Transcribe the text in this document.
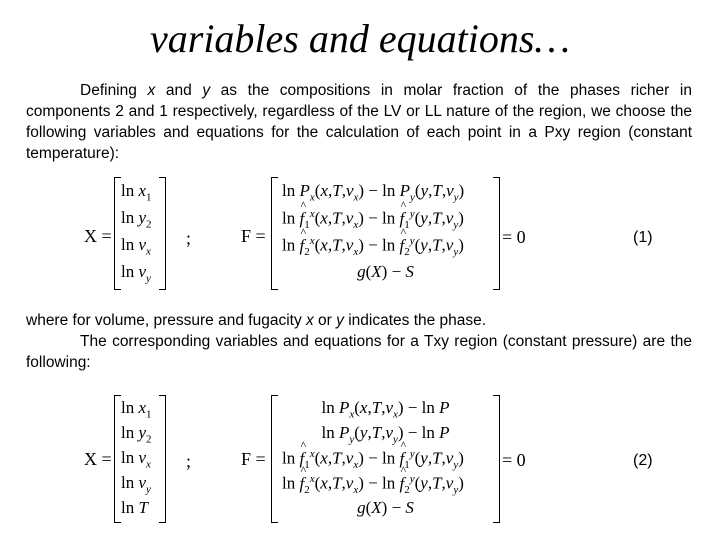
variables and equations…
Defining x and y as the compositions in molar fraction of the phases richer in components 2 and 1 respectively, regardless of the LV or LL nature of the region, we choose the following variables and equations for the calculation of each point in a Pxy region (constant temperature):
X =
$\ln x_1$
$\ln y_2$
$\ln v_x$
$\ln v_y$
;	F =
$\ln P_x(x,T,v_x) - \ln P_y(y,T,v_y)$
ln ^ $f_1^x(x,T,v_x) - \ln$ ^ $f_1^y(y,T,v_y)$
ln ^ $f_2^x(x,T,v_x) - \ln$ ^ $f_2^y(y,T,v_y)$
g(X) − S
= 0	(1)
where for volume, pressure and fugacity x or y indicates the phase.
The corresponding variables and equations for a Txy region (constant pressure) are the following:
X =
$\ln x_1$
$\ln y_2$
$\ln v_x$
$\ln v_y$
ln T
;	F =
$\ln P_x(x,T,v_x) - \ln P$
$\ln P_y(y,T,v_y) - \ln P$
ln ^ $f_1^x(x,T,v_x) - \ln$ ^ $f_1^y(y,T,v_y)$
ln ^ $f_2^x(x,T,v_x) - \ln$ ^ $f_2^y(y,T,v_y)$
g(X) − S
= 0	(2)
